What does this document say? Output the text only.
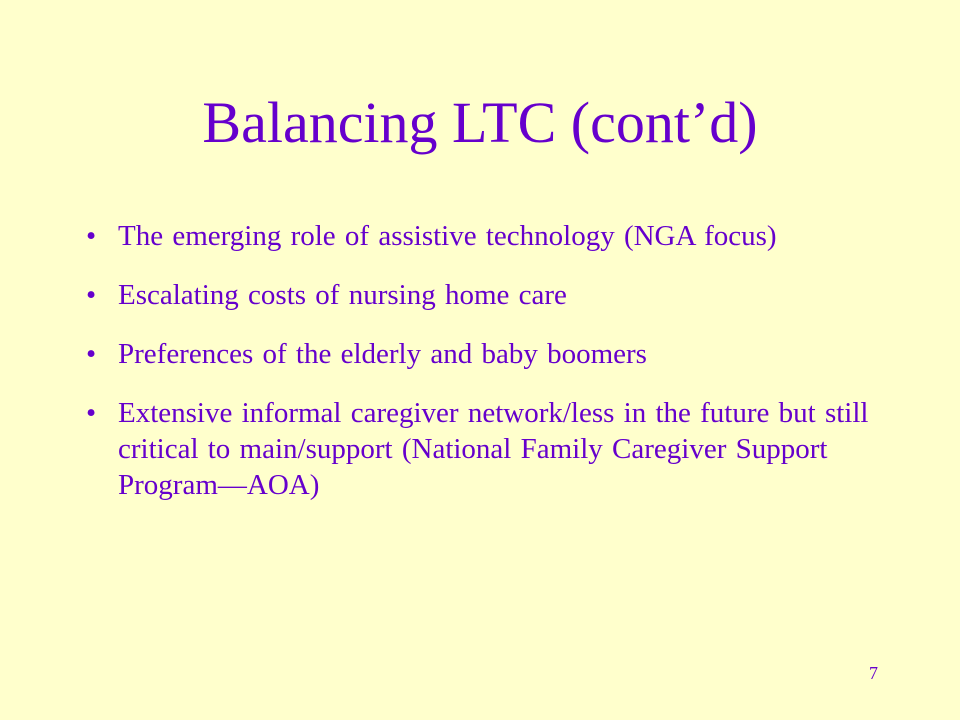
Balancing LTC (cont’d)
• The emerging role of assistive technology (NGA focus)
• Escalating costs of nursing home care
• Preferences of the elderly and baby boomers
• Extensive informal caregiver network/less in the future but still critical to main/support (National Family Caregiver Support Program—AOA)
7
